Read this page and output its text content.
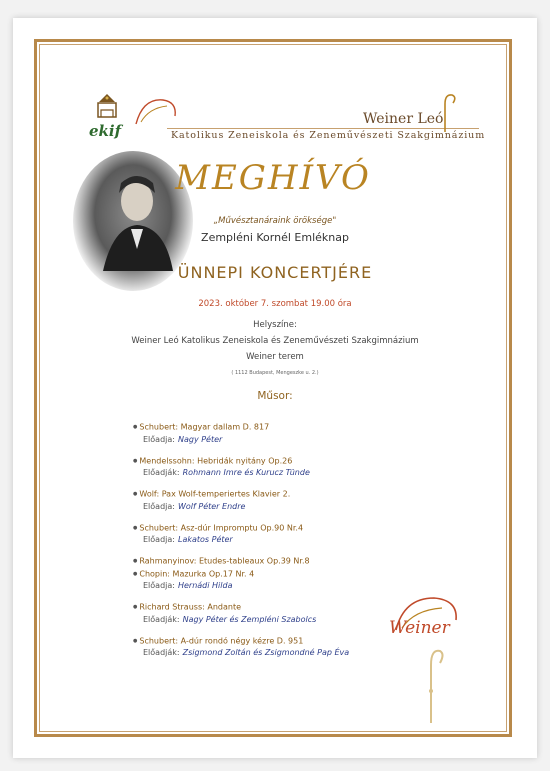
ekif
Weiner Leó
Katolikus Zeneiskola és Zeneművészeti Szakgimnázium
MEGHÍVÓ
„Művésztanáraink öröksége"
Zempléni Kornél Emléknap
ÜNNEPI KONCERTJÉRE
2023. október 7. szombat 19.00 óra
Helyszíne:
Weiner Leó Katolikus Zeneiskola és Zeneművészeti Szakgimnázium
Weiner terem
( 1112 Budapest, Mengeszke u. 2.)
Műsor:
● Schubert: Magyar dallam D. 817
Előadja: Nagy Péter
● Mendelssohn: Hebridák nyitány Op.26
Előadják: Rohmann Imre és Kurucz Tünde
● Wolf: Pax Wolf-temperiertes Klavier 2.
Előadja: Wolf Péter Endre
● Schubert: Asz-dúr Impromptu Op.90 Nr.4
Előadja: Lakatos Péter
● Rahmanyinov: Etudes-tableaux Op.39 Nr.8
● Chopin: Mazurka Op.17 Nr. 4
Előadja: Hernádi Hilda
● Richard Strauss: Andante
Előadják: Nagy Péter és Zempléni Szabolcs
● Schubert: A-dúr rondó négy kézre D. 951
Előadják: Zsigmond Zoltán és Zsigmondné Pap Éva
Weiner
